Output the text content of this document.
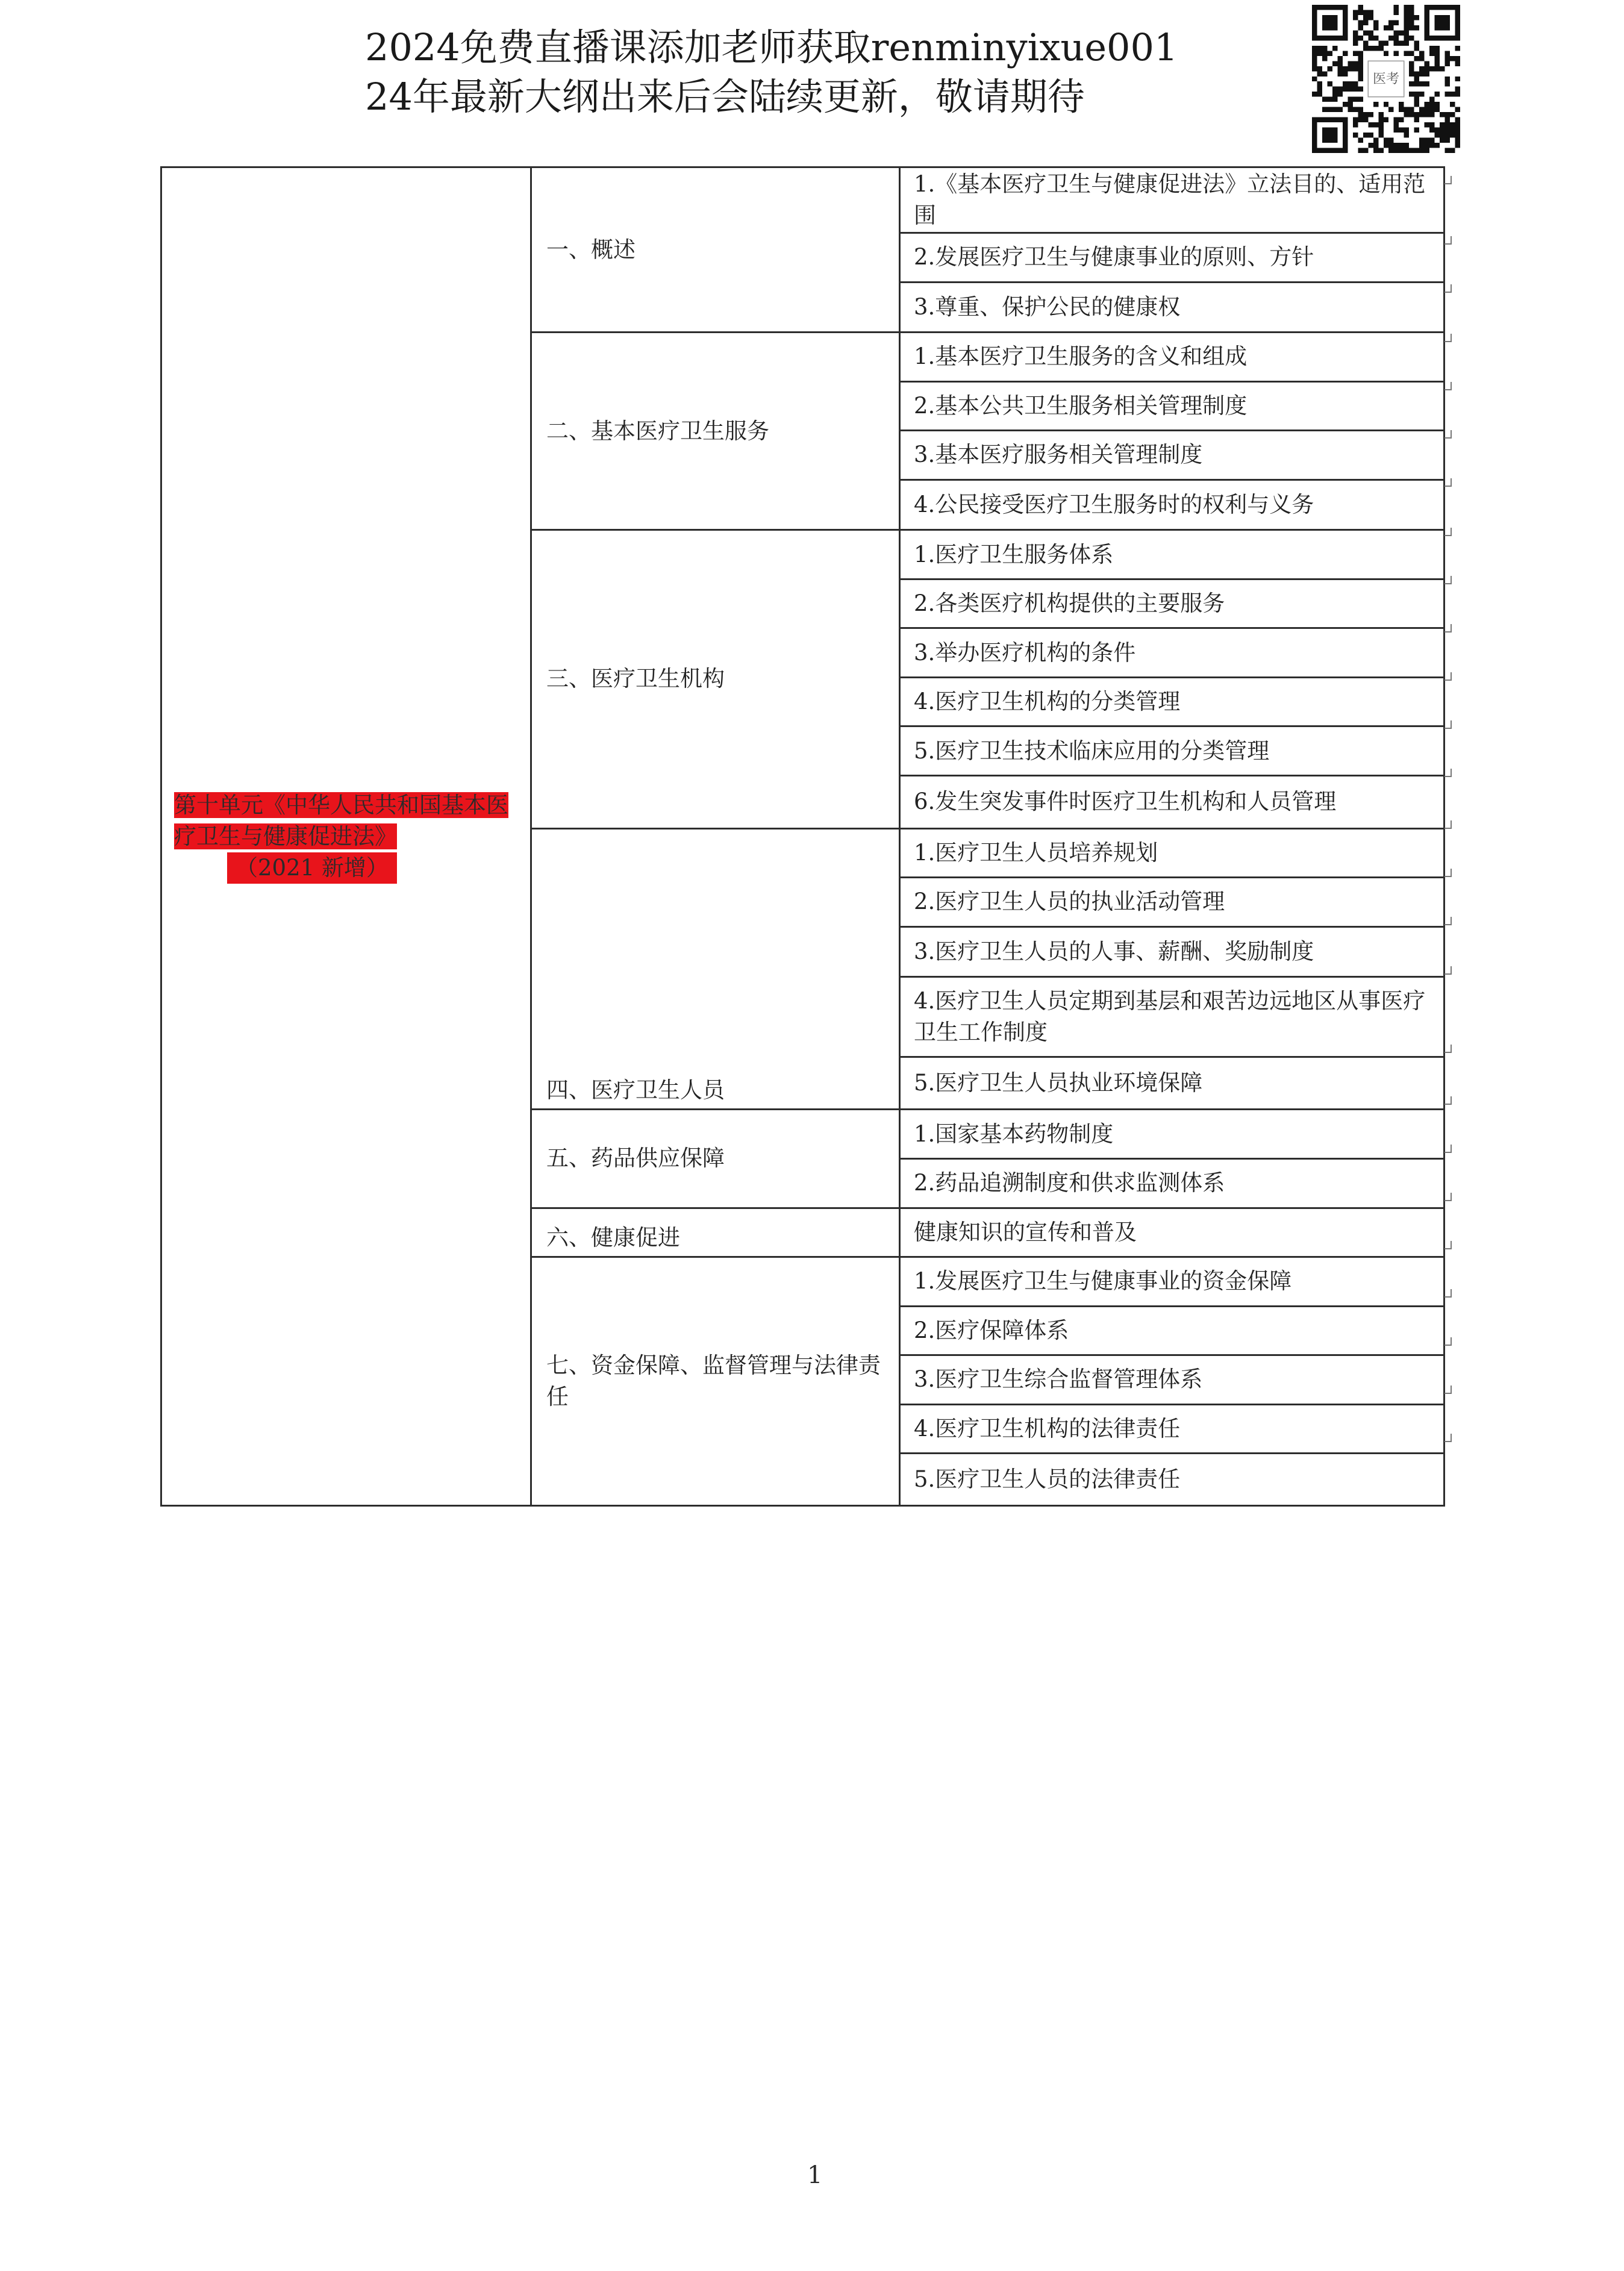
2024免费直播课添加老师获取renminyixue001
24年最新大纲出来后会陆续更新，敬请期待	医考
第十单元《中华人民共和国基本医疗卫生与健康促进法》
（2021 新增）	一、概述	1.《基本医疗卫生与健康促进法》立法目的、适用范围
		2.发展医疗卫生与健康事业的原则、方针
		3.尊重、保护公民的健康权
	二、基本医疗卫生服务	1.基本医疗卫生服务的含义和组成
		2.基本公共卫生服务相关管理制度
		3.基本医疗服务相关管理制度
		4.公民接受医疗卫生服务时的权利与义务
	三、医疗卫生机构	1.医疗卫生服务体系
		2.各类医疗机构提供的主要服务
		3.举办医疗机构的条件
		4.医疗卫生机构的分类管理
		5.医疗卫生技术临床应用的分类管理
		6.发生突发事件时医疗卫生机构和人员管理
	四、医疗卫生人员	1.医疗卫生人员培养规划
		2.医疗卫生人员的执业活动管理
		3.医疗卫生人员的人事、薪酬、奖励制度
		4.医疗卫生人员定期到基层和艰苦边远地区从事医疗卫生工作制度
		5.医疗卫生人员执业环境保障
	五、药品供应保障	1.国家基本药物制度
		2.药品追溯制度和供求监测体系
	六、健康促进	健康知识的宣传和普及
	七、资金保障、监督管理与法律责任	1.发展医疗卫生与健康事业的资金保障
		2.医疗保障体系
		3.医疗卫生综合监督管理体系
		4.医疗卫生机构的法律责任
		5.医疗卫生人员的法律责任
1
